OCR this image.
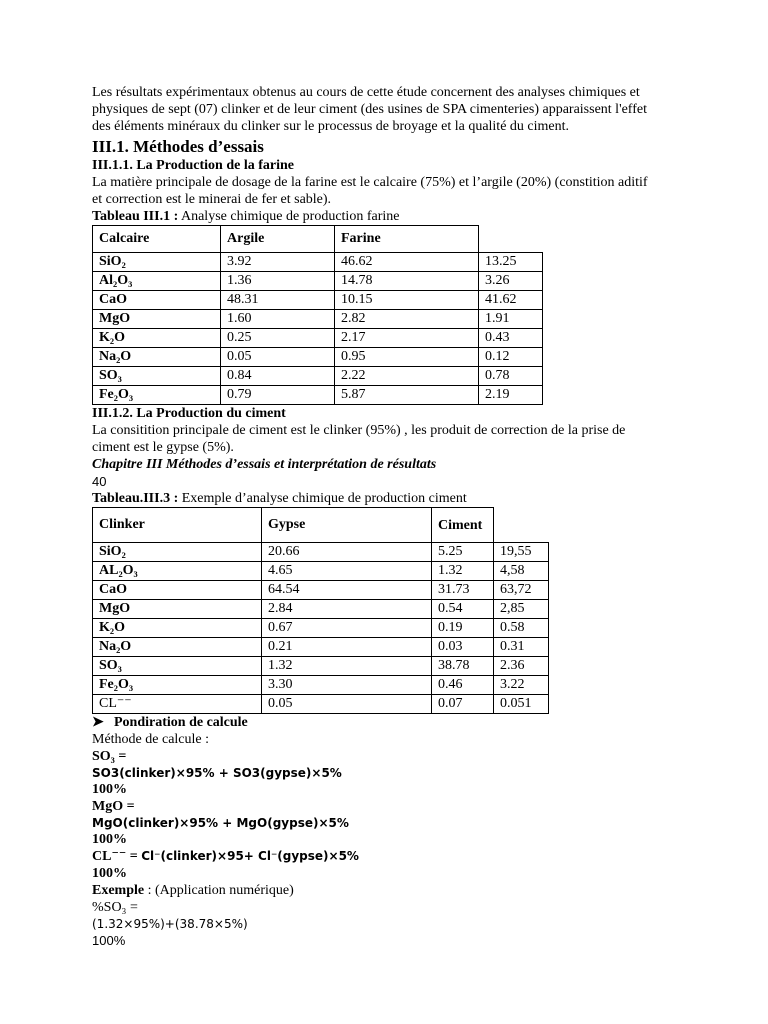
Les résultats expérimentaux obtenus au cours de cette étude concernent des analyses chimiques et physiques de sept (07) clinker et de leur ciment (des usines de SPA cimenteries) apparaissent l'effet des éléments minéraux du clinker sur le processus de broyage et la qualité du ciment.

III.1. Méthodes d’essais

III.1.1. La Production de la farine

La matière principale de dosage de la farine est le calcaire (75%) et l’argile (20%) (constition aditif et correction est le minerai de fer et sable).

Tableau III.1 : Analyse chimique de production farine

Calcaire	Argile	Farine	
SiO₂	3.92	46.62	13.25
Al₂O₃	1.36	14.78	3.26
CaO	48.31	10.15	41.62
MgO	1.60	2.82	1.91
K₂O	0.25	2.17	0.43
Na₂O	0.05	0.95	0.12
SO₃	0.84	2.22	0.78
Fe₂O₃	0.79	5.87	2.19

III.1.2. La Production du ciment

La consitition principale de ciment est le clinker (95%) , les produit de correction de la prise de ciment est le gypse (5%).

Chapitre III Méthodes d’essais et interprétation de résultats

40

Tableau.III.3 : Exemple d’analyse chimique de production ciment

Clinker	Gypse	Ciment	
SiO₂	20.66	5.25	19,55
AL₂O₃	4.65	1.32	4,58
CaO	64.54	31.73	63,72
MgO	2.84	0.54	2,85
K₂O	0.67	0.19	0.58
Na₂O	0.21	0.03	0.31
SO₃	1.32	38.78	2.36
Fe₂O₃	3.30	0.46	3.22
CL⁻⁻	0.05	0.07	0.051

➤ Pondiration de calcule

Méthode de calcule :

SO₃ =

SO3(clinker)×95% + SO3(gypse)×5%

100%

MgO =

MgO(clinker)×95% + MgO(gypse)×5%

100%

CL⁻⁻ = Cl⁻(clinker)×95+ Cl⁻(gypse)×5%

100%

Exemple : (Application numérique)

%SO₃ =

(1.32×95%)+(38.78×5%)

100%
